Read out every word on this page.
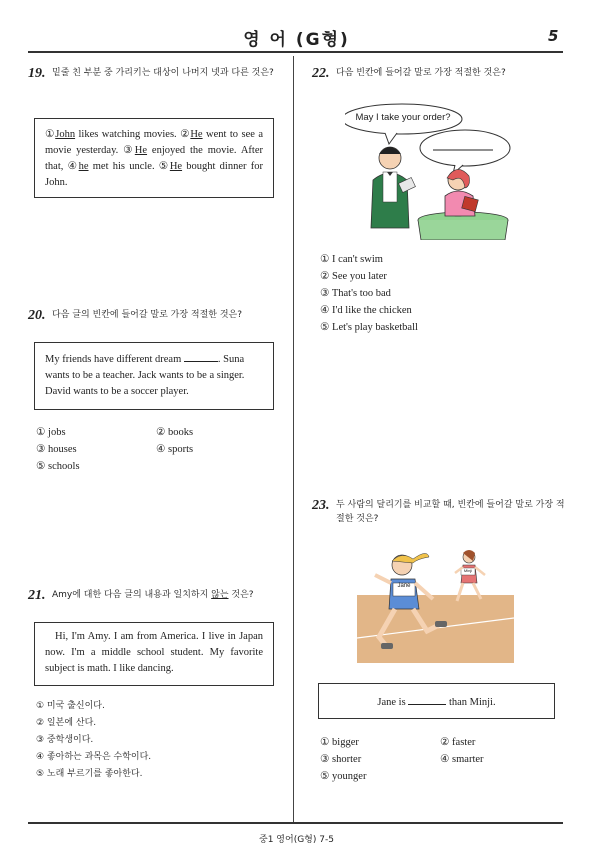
영 어 (G형)	5
19. 밑줄 친 부분 중 가리키는 대상이 나머지 넷과 다른 것은?
①John likes watching movies. ②He went to see a movie yesterday. ③He enjoyed the movie. After that, ④he met his uncle. ⑤He bought dinner for John.
20. 다음 글의 빈칸에 들어갈 말로 가장 적절한 것은?
My friends have different dream	. Suna wants to be a teacher. Jack wants to be a singer. David wants to be a soccer player.
① jobs	② books
③ houses	④ sports
⑤ schools
21. Amy에 대한 다음 글의 내용과 일치하지 않는 것은?
Hi, I'm Amy. I am from America. I live in Japan now. I'm a middle school student. My favorite subject is math. I like dancing.
① 미국 출신이다.
② 일본에 산다.
③ 중학생이다.
④ 좋아하는 과목은 수학이다.
⑤ 노래 부르기를 좋아한다.
22. 다음 빈칸에 들어갈 말로 가장 적절한 것은?
May I take your order?
① I can't swim
② See you later
③ That's too bad
④ I'd like the chicken
⑤ Let's play basketball
23. 두 사람의 달리기를 비교할 때, 빈칸에 들어갈 말로 가장 적절한 것은?
Jane
Minji
Jane is	than Minji.
① bigger	② faster
③ shorter	④ smarter
⑤ younger
중1 영어(G형) 7-5
